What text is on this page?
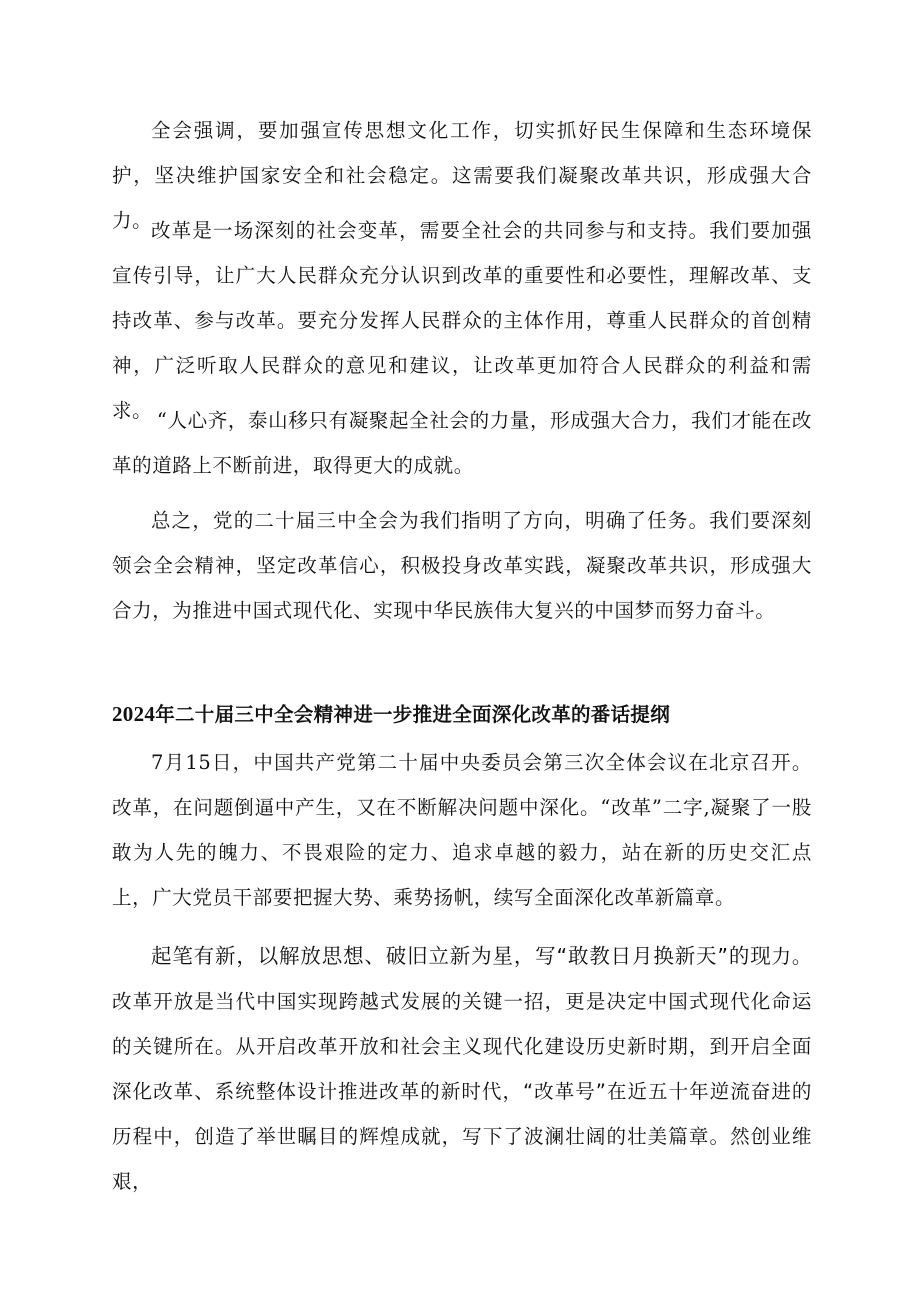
全会强调，要加强宣传思想文化工作，切实抓好民生保障和生态环境保护，坚决维护国家安全和社会稳定。这需要我们凝聚改革共识，形成强大合力。

改革是一场深刻的社会变革，需要全社会的共同参与和支持。我们要加强宣传引导，让广大人民群众充分认识到改革的重要性和必要性，理解改革、支持改革、参与改革。要充分发挥人民群众的主体作用，尊重人民群众的首创精神，广泛听取人民群众的意见和建议，让改革更加符合人民群众的利益和需求。 “人心齐，泰山移只有凝聚起全社会的力量，形成强大合力，我们才能在改革的道路上不断前进，取得更大的成就。

总之，党的二十届三中全会为我们指明了方向，明确了任务。我们要深刻领会全会精神，坚定改革信心，积极投身改革实践，凝聚改革共识，形成强大合力，为推进中国式现代化、实现中华民族伟大复兴的中国梦而努力奋斗。

2024年二十届三中全会精神进一步推进全面深化改革的番话提纲

7月15日，中国共产党第二十届中央委员会第三次全体会议在北京召开。改革，在问题倒逼中产生，又在不断解决问题中深化。“改革”二字,凝聚了一股敢为人先的魄力、不畏艰险的定力、追求卓越的毅力，站在新的历史交汇点上，广大党员干部要把握大势、乘势扬帆，续写全面深化改革新篇章。

起笔有新，以解放思想、破旧立新为星，写“敢教日月换新天”的现力。改革开放是当代中国实现跨越式发展的关键一招，更是决定中国式现代化命运的关键所在。从开启改革开放和社会主义现代化建设历史新时期，到开启全面深化改革、系统整体设计推进改革的新时代，“改革号”在近五十年逆流奋进的历程中，创造了举世瞩目的辉煌成就，写下了波澜壮阔的壮美篇章。然创业维艰，
